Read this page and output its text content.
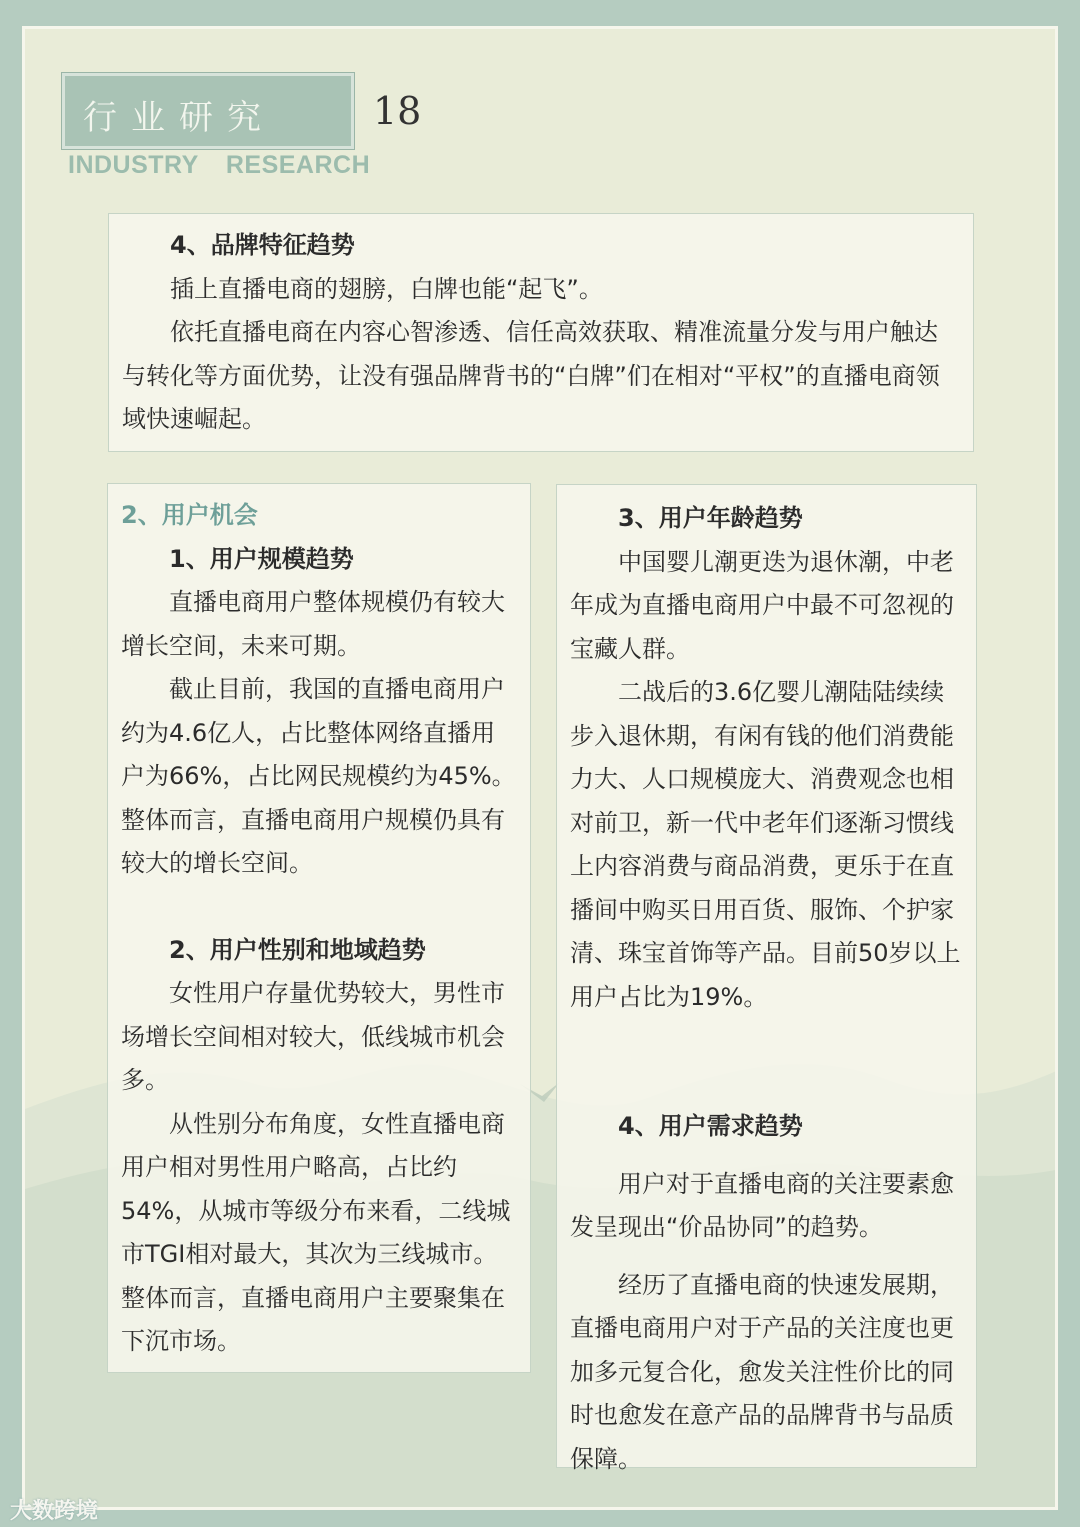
行业研究	18
INDUSTRY RESEARCH

4、品牌特征趋势

插上直播电商的翅膀，白牌也能“起飞”。

依托直播电商在内容心智渗透、信任高效获取、精准流量分发与用户触达与转化等方面优势，让没有强品牌背书的“白牌”们在相对“平权”的直播电商领域快速崛起。

2、用户机会

1、用户规模趋势

直播电商用户整体规模仍有较大增长空间，未来可期。

截止目前，我国的直播电商用户约为4.6亿人，占比整体网络直播用户为66%，占比网民规模约为45%。整体而言，直播电商用户规模仍具有较大的增长空间。

2、用户性别和地域趋势

女性用户存量优势较大，男性市场增长空间相对较大，低线城市机会多。

从性别分布角度，女性直播电商用户相对男性用户略高，占比约54%，从城市等级分布来看，二线城市TGI相对最大，其次为三线城市。整体而言，直播电商用户主要聚集在下沉市场。

3、用户年龄趋势

中国婴儿潮更迭为退休潮，中老年成为直播电商用户中最不可忽视的宝藏人群。

二战后的3.6亿婴儿潮陆陆续续步入退休期，有闲有钱的他们消费能力大、人口规模庞大、消费观念也相对前卫，新一代中老年们逐渐习惯线上内容消费与商品消费，更乐于在直播间中购买日用百货、服饰、个护家清、珠宝首饰等产品。目前50岁以上用户占比为19%。

4、用户需求趋势

用户对于直播电商的关注要素愈发呈现出“价品协同”的趋势。

经历了直播电商的快速发展期，直播电商用户对于产品的关注度也更加多元复合化，愈发关注性价比的同时也愈发在意产品的品牌背书与品质保障。

大数跨境
